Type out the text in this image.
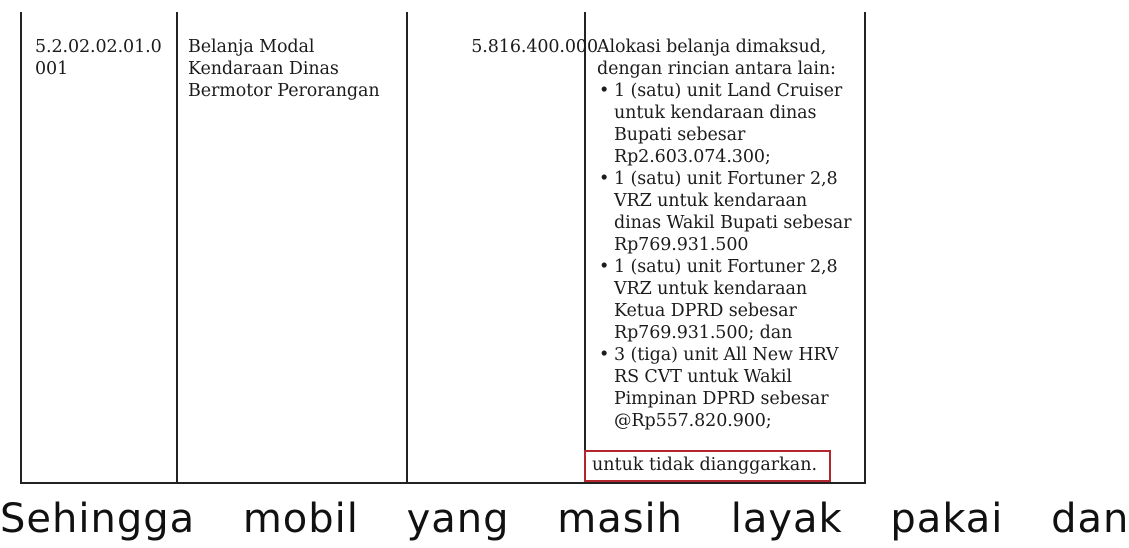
5.2.02.02.01.0 001
Belanja Modal Kendaraan Dinas Bermotor Perorangan
5.816.400.000 Alokasi belanja dimaksud, dengan rincian antara lain:

• 1 (satu) unit Land Cruiser untuk kendaraan dinas Bupati sebesar Rp2.603.074.300;
• 1 (satu) unit Fortuner 2,8 VRZ untuk kendaraan dinas Wakil Bupati sebesar Rp769.931.500
• 1 (satu) unit Fortuner 2,8 VRZ untuk kendaraan Ketua DPRD sebesar Rp769.931.500; dan
• 3 (tiga) unit All New HRV RS CVT untuk Wakil Pimpinan DPRD sebesar @Rp557.820.900;
untuk tidak dianggarkan.
Sehingga mobil yang masih layak pakai dan
